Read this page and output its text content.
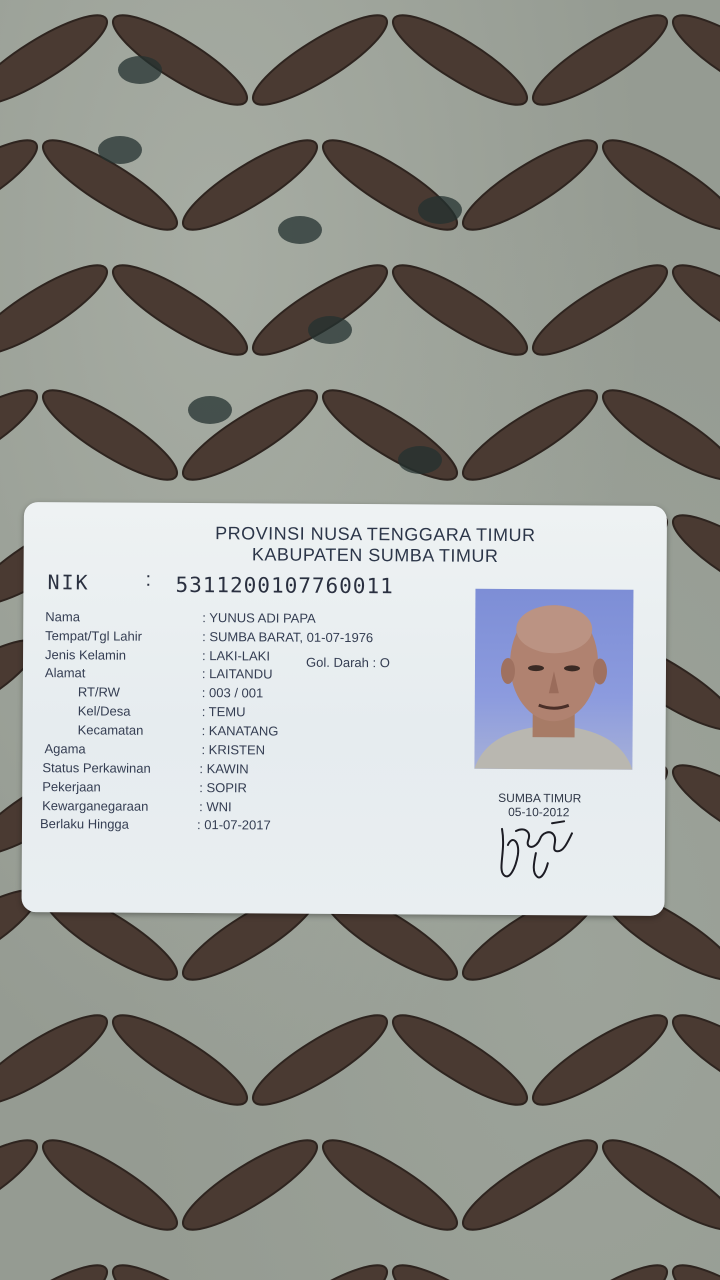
PROVINSI NUSA TENGGARA TIMUR
KABUPATEN SUMBA TIMUR
NIK	: 5311200107760011
Nama	: YUNUS ADI PAPA
Tempat/Tgl Lahir	: SUMBA BARAT, 01-07-1976
Jenis Kelamin	: LAKI-LAKI	Gol. Darah : O
Alamat	: LAITANDU
RT/RW	: 003 / 001
Kel/Desa	: TEMU
Kecamatan	: KANATANG
Agama	: KRISTEN
Status Perkawinan	: KAWIN
Pekerjaan	: SOPIR
Kewarganegaraan	: WNI
Berlaku Hingga	: 01-07-2017
SUMBA TIMUR
05-10-2012
